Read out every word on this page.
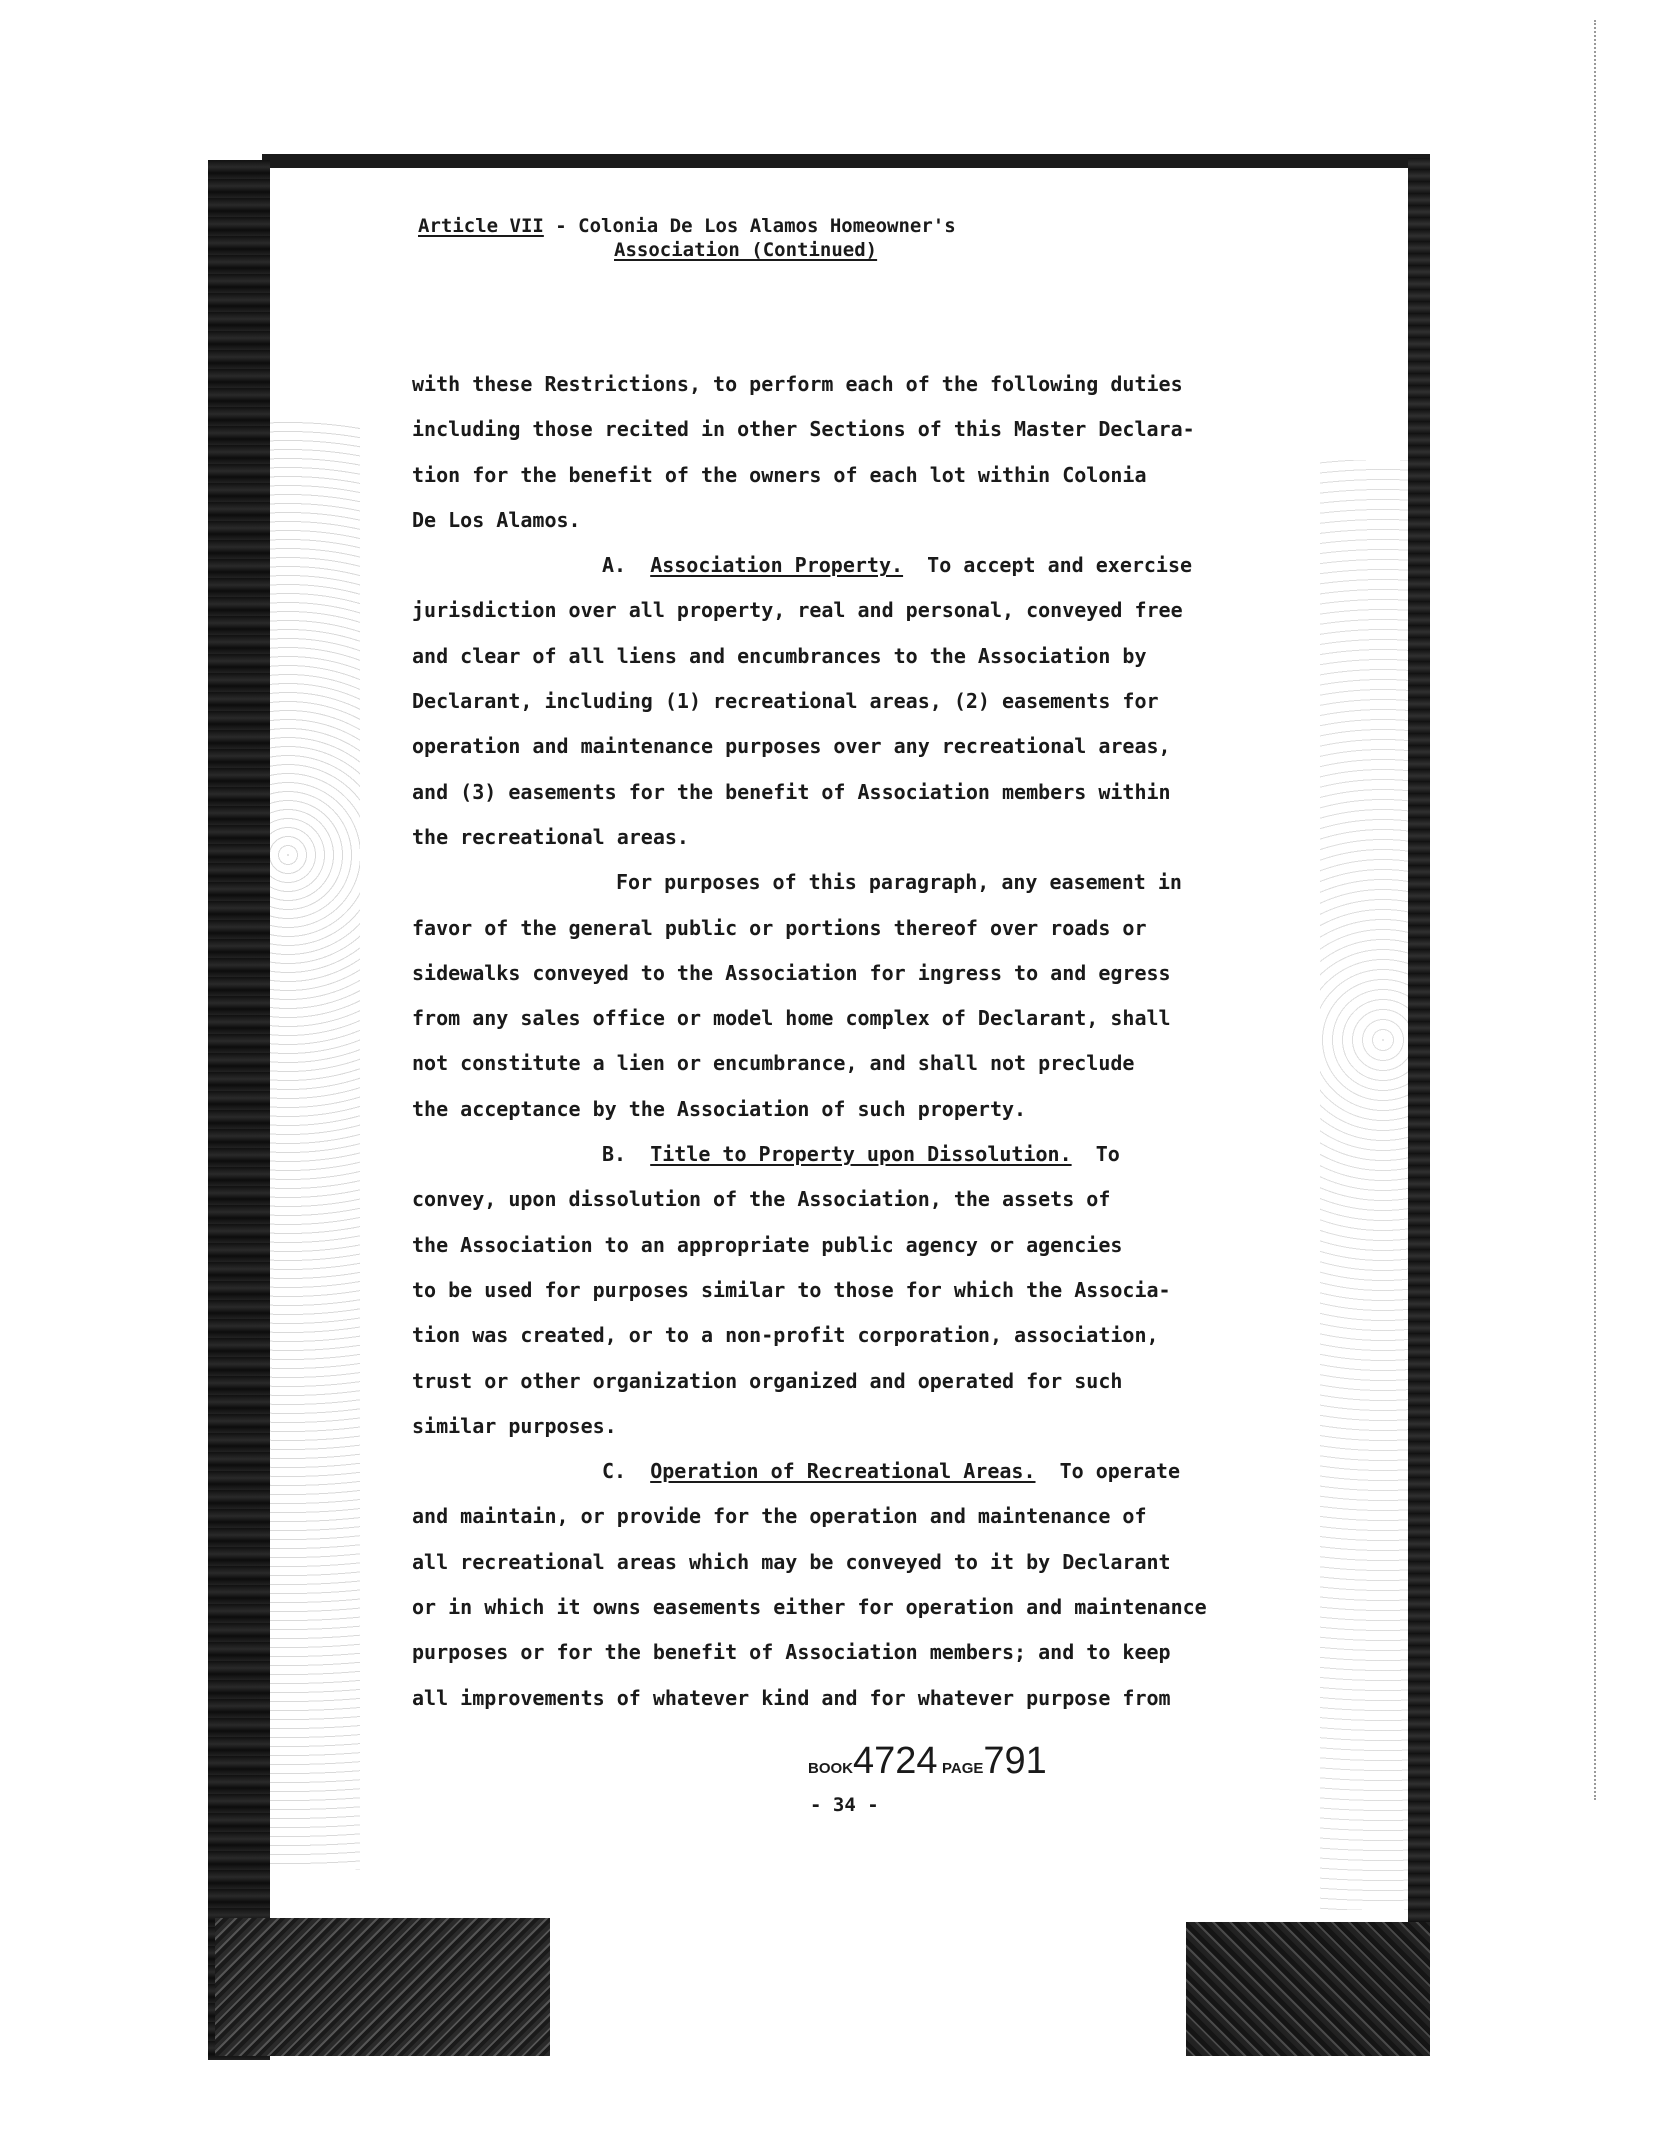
Article VII - Colonia De Los Alamos Homeowner's
Association (Continued)

with these Restrictions, to perform each of the following duties

including those recited in other Sections of this Master Declara-

tion for the benefit of the owners of each lot within Colonia

De Los Alamos.

A. Association Property. To accept and exercise

jurisdiction over all property, real and personal, conveyed free

and clear of all liens and encumbrances to the Association by

Declarant, including (1) recreational areas, (2) easements for

operation and maintenance purposes over any recreational areas,

and (3) easements for the benefit of Association members within

the recreational areas.

For purposes of this paragraph, any easement in

favor of the general public or portions thereof over roads or

sidewalks conveyed to the Association for ingress to and egress

from any sales office or model home complex of Declarant, shall

not constitute a lien or encumbrance, and shall not preclude

the acceptance by the Association of such property.

B. Title to Property upon Dissolution. To

convey, upon dissolution of the Association, the assets of

the Association to an appropriate public agency or agencies

to be used for purposes similar to those for which the Associa-

tion was created, or to a non-profit corporation, association,

trust or other organization organized and operated for such

similar purposes.

C. Operation of Recreational Areas. To operate

and maintain, or provide for the operation and maintenance of

all recreational areas which may be conveyed to it by Declarant

or in which it owns easements either for operation and maintenance

purposes or for the benefit of Association members; and to keep

all improvements of whatever kind and for whatever purpose from

BOOK4724 PAGE791
- 34 -
